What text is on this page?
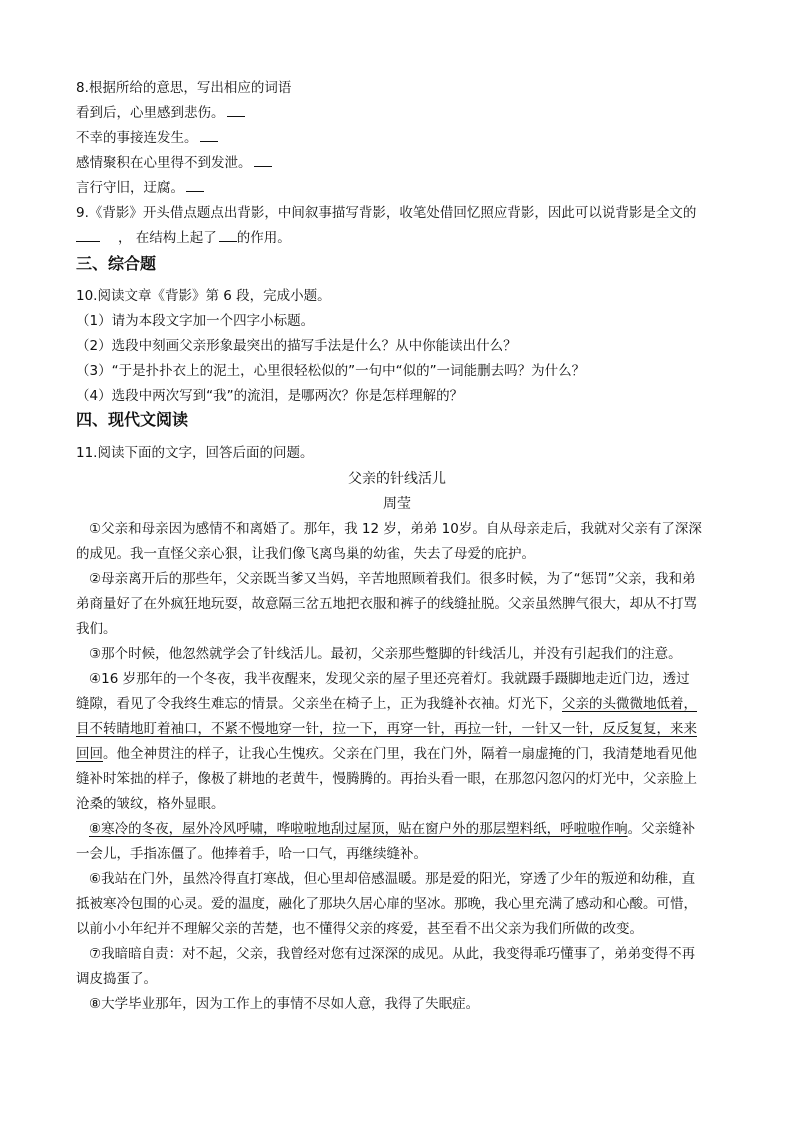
8.根据所给的意思，写出相应的词语
看到后，心里感到悲伤。
不幸的事接连发生。
感情聚积在心里得不到发泄。
言行守旧，迂腐。
9.《背影》开头借点题点出背影，中间叙事描写背影，收笔处借回忆照应背影，因此可以说背影是全文的
， 在结构上起了 的作用。
三、综合题
10.阅读文章《背影》第 6 段，完成小题。
（1）请为本段文字加一个四字小标题。
（2）选段中刻画父亲形象最突出的描写手法是什么？从中你能读出什么？
（3）“于是扑扑衣上的泥土，心里很轻松似的”一句中“似的”一词能删去吗？为什么？
（4）选段中两次写到“我”的流泪，是哪两次？你是怎样理解的？
四、现代文阅读
11.阅读下面的文字，回答后面的问题。
父亲的针线活儿
周莹
①父亲和母亲因为感情不和离婚了。那年，我 12 岁，弟弟 10岁。自从母亲走后，我就对父亲有了深深
的成见。我一直怪父亲心狠，让我们像飞离鸟巢的幼雀，失去了母爱的庇护。
②母亲离开后的那些年，父亲既当爹又当妈，辛苦地照顾着我们。很多时候，为了“惩罚”父亲，我和弟
弟商量好了在外疯狂地玩耍，故意隔三岔五地把衣服和裤子的线缝扯脱。父亲虽然脾气很大，却从不打骂
我们。
③那个时候，他忽然就学会了针线活儿。最初，父亲那些蹩脚的针线活儿，并没有引起我们的注意。
④16 岁那年的一个冬夜，我半夜醒来，发现父亲的屋子里还亮着灯。我就蹑手蹑脚地走近门边，透过
缝隙，看见了令我终生难忘的情景。父亲坐在椅子上，正为我缝补衣袖。灯光下，父亲的头微微地低着，
目不转睛地盯着袖口，不紧不慢地穿一针，拉一下，再穿一针，再拉一针，一针又一针，反反复复，来来
回回。他全神贯注的样子，让我心生愧疚。父亲在门里，我在门外，隔着一扇虚掩的门，我清楚地看见他
缝补时笨拙的样子，像极了耕地的老黄牛，慢腾腾的。再抬头看一眼，在那忽闪忽闪的灯光中，父亲脸上
沧桑的皱纹，格外显眼。
⑧寒冷的冬夜，屋外冷风呼啸，哗啦啦地刮过屋顶，贴在窗户外的那层塑料纸，呼啦啦作响。父亲缝补
一会儿，手指冻僵了。他捧着手，哈一口气，再继续缝补。
⑥我站在门外，虽然冷得直打寒战，但心里却倍感温暖。那是爱的阳光，穿透了少年的叛逆和幼稚，直
抵被寒冷包围的心灵。爱的温度，融化了那块久居心扉的坚冰。那晚，我心里充满了感动和心酸。可惜，
以前小小年纪并不理解父亲的苦楚，也不懂得父亲的疼爱，甚至看不出父亲为我们所做的改变。
⑦我暗暗自责：对不起，父亲，我曾经对您有过深深的成见。从此，我变得乖巧懂事了，弟弟变得不再
调皮捣蛋了。
⑧大学毕业那年，因为工作上的事情不尽如人意，我得了失眠症。
